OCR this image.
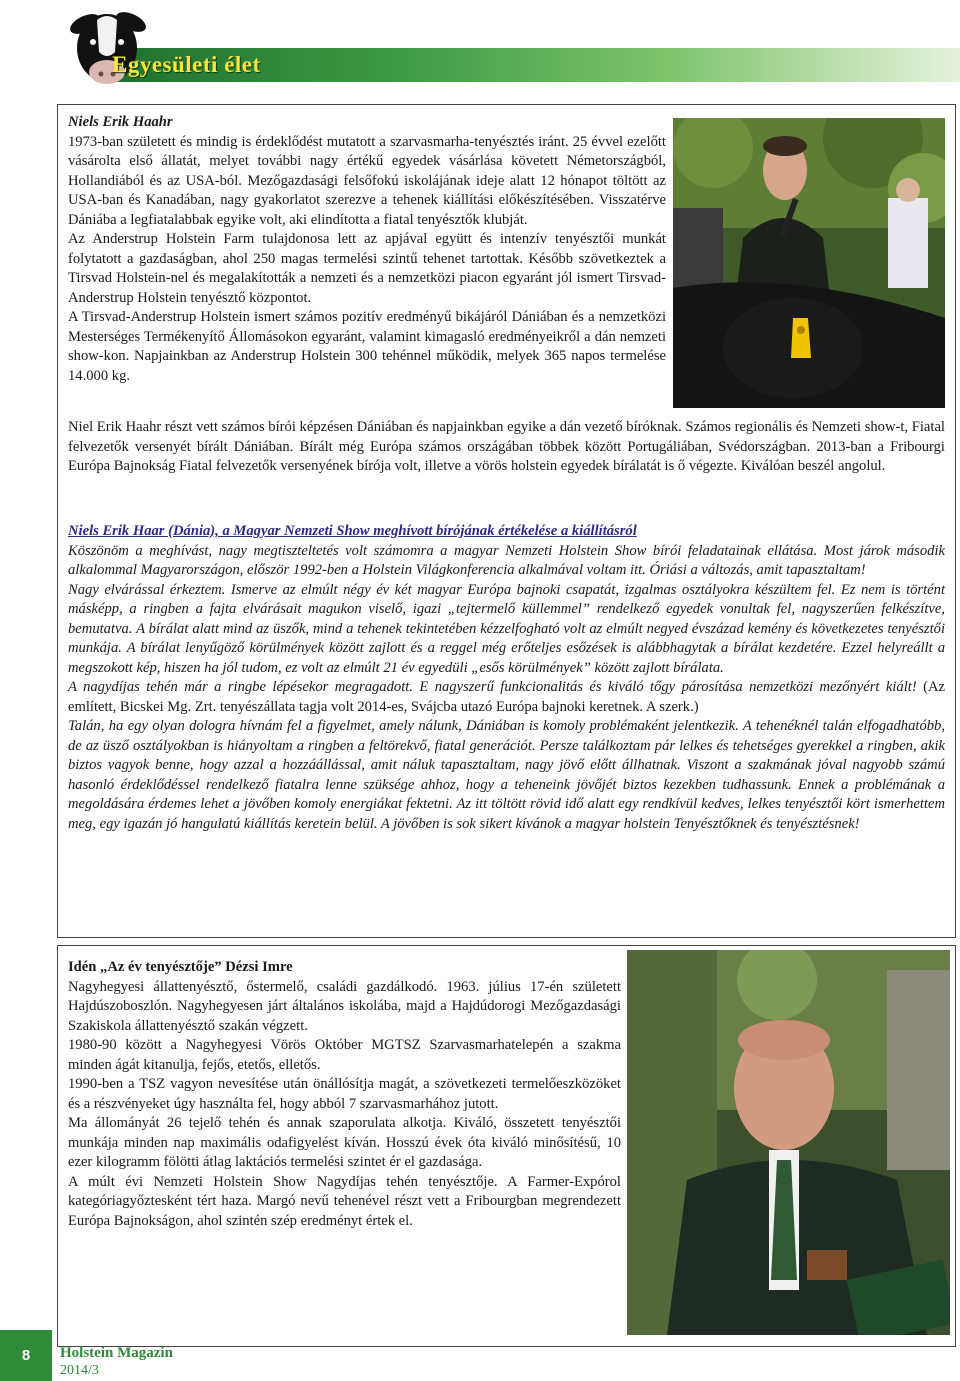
Egyesületi élet

Niels Erik Haahr

1973-ban született és mindig is érdeklődést mutatott a szarvasmarha-tenyésztés iránt. 25 évvel ezelőtt vásárolta első állatát, melyet további nagy értékű egyedek vásárlása követett Németországból, Hollandiából és az USA-ból. Mezőgazdasági felsőfokú iskolájának ideje alatt 12 hónapot töltött az USA-ban és Kanadában, nagy gyakorlatot szerezve a tehenek kiállítási előkészítésében. Visszatérve Dániába a legfiatalabbak egyike volt, aki elindította a fiatal tenyésztők klubját.

Az Anderstrup Holstein Farm tulajdonosa lett az apjával együtt és intenzív tenyésztői munkát folytatott a gazdaságban, ahol 250 magas termelési szintű tehenet tartottak. Később szövetkeztek a Tirsvad Holstein-nel és megalakították a nemzeti és a nemzetközi piacon egyaránt jól ismert Tirsvad-Anderstrup Holstein tenyésztő központot.

A Tirsvad-Anderstrup Holstein ismert számos pozitív eredményű bikájáról Dániában és a nemzetközi Mesterséges Termékenyítő Állomásokon egyaránt, valamint kimagasló eredményeikről a dán nemzeti show-kon. Napjainkban az Anderstrup Holstein 300 tehénnel működik, melyek 365 napos termelése 14.000 kg.

Niel Erik Haahr részt vett számos bírói képzésen Dániában és napjainkban egyike a dán vezető bíróknak. Számos regionális és Nemzeti show-t, Fiatal felvezetők versenyét bírált Dániában. Bírált még Európa számos országában többek között Portugáliában, Svédországban. 2013-ban a Fribourgi Európa Bajnokság Fiatal felvezetők versenyének bírója volt, illetve a vörös holstein egyedek bírálatát is ő végezte. Kiválóan beszél angolul.

Niels Erik Haar (Dánia), a Magyar Nemzeti Show meghívott bírójának értékelése a kiállításról

Köszönöm a meghívást, nagy megtiszteltetés volt számomra a magyar Nemzeti Holstein Show bírói feladatainak ellátása. Most járok második alkalommal Magyarországon, először 1992-ben a Holstein Világkonferencia alkalmával voltam itt. Óriási a változás, amit tapasztaltam!

Nagy elvárással érkeztem. Ismerve az elmúlt négy év két magyar Európa bajnoki csapatát, izgalmas osztályokra készültem fel. Ez nem is történt másképp, a ringben a fajta elvárásait magukon viselő, igazi „tejtermelő küllemmel” rendelkező egyedek vonultak fel, nagyszerűen felkészítve, bemutatva. A bírálat alatt mind az üszők, mind a tehenek tekintetében kézzelfogható volt az elmúlt negyed évszázad kemény és következetes tenyésztői munkája. A bírálat lenyűgöző körülmények között zajlott és a reggel még erőteljes esőzések is alábbhagytak a bírálat kezdetére. Ezzel helyreállt a megszokott kép, hiszen ha jól tudom, ez volt az elmúlt 21 év egyedüli „esős körülmények” között zajlott bírálata.

A nagydíjas tehén már a ringbe lépésekor megragadott. E nagyszerű funkcionalitás és kiváló tőgy párosítása nemzetközi mezőnyért kiált! (Az említett, Bicskei Mg. Zrt. tenyészállata tagja volt 2014-es, Svájcba utazó Európa bajnoki keretnek. A szerk.)

Talán, ha egy olyan dologra hívnám fel a figyelmet, amely nálunk, Dániában is komoly problémaként jelentkezik. A tehenéknél talán elfogadhatóbb, de az üsző osztályokban is hiányoltam a ringben a feltörekvő, fiatal generációt. Persze találkoztam pár lelkes és tehetséges gyerekkel a ringben, akik biztos vagyok benne, hogy azzal a hozzáállással, amit náluk tapasztaltam, nagy jövő előtt állhatnak. Viszont a szakmának jóval nagyobb számú hasonló érdeklődéssel rendelkező fiatalra lenne szüksége ahhoz, hogy a teheneink jövőjét biztos kezekben tudhassunk. Ennek a problémának a megoldására érdemes lehet a jövőben komoly energiákat fektetni. Az itt töltött rövid idő alatt egy rendkívül kedves, lelkes tenyésztői kört ismerhettem meg, egy igazán jó hangulatú kiállítás keretein belül. A jövőben is sok sikert kívánok a magyar holstein Tenyésztőknek és tenyésztésnek!

Idén „Az év tenyésztője” Dézsi Imre

Nagyhegyesi állattenyésztő, őstermelő, családi gazdálkodó. 1963. július 17-én született Hajdúszoboszlón. Nagyhegyesen járt általános iskolába, majd a Hajdúdorogi Mezőgazdasági Szakiskola állattenyésztő szakán végzett.

1980-90 között a Nagyhegyesi Vörös Október MGTSZ Szarvasmarhatelepén a szakma minden ágát kitanulja, fejős, etetős, elletős.

1990-ben a TSZ vagyon nevesítése után önállósítja magát, a szövetkezeti termelőeszközöket és a részvényeket úgy használta fel, hogy abból 7 szarvasmarhához jutott.

Ma állományát 26 tejelő tehén és annak szaporulata alkotja. Kiváló, összetett tenyésztői munkája minden nap maximális odafigyelést kíván. Hosszú évek óta kiváló minősítésű, 10 ezer kilogramm fölötti átlag laktációs termelési szintet ér el gazdasága.

A múlt évi Nemzeti Holstein Show Nagydíjas tehén tenyésztője. A Farmer-Expórol kategóriagyőztesként tért haza. Margó nevű tehenével részt vett a Fribourgban megrendezett Európa Bajnokságon, ahol szintén szép eredményt értek el.

8	Holstein Magazin
2014/3
